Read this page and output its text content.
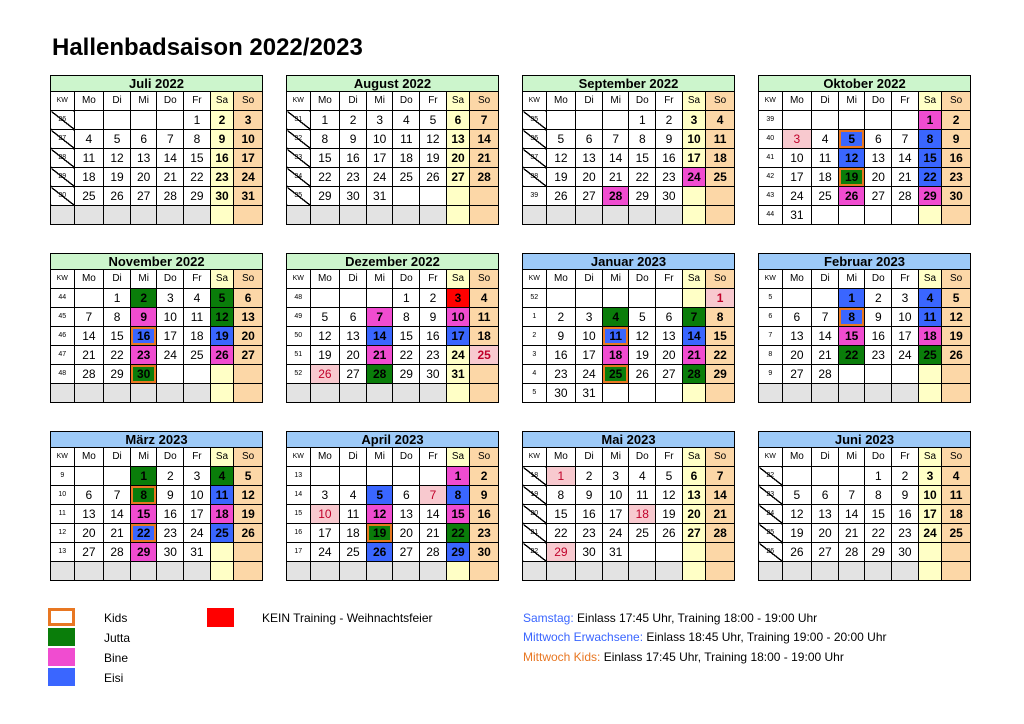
Hallenbadsaison 2022/2023
Juli 2022
KW	Mo	Di	Mi	Do	Fr	Sa	So
26					1	2	3
27	4	5	6	7	8	9	10
28	11	12	13	14	15	16	17
29	18	19	20	21	22	23	24
30	25	26	27	28	29	30	31

August 2022
KW	Mo	Di	Mi	Do	Fr	Sa	So
31	1	2	3	4	5	6	7
32	8	9	10	11	12	13	14
33	15	16	17	18	19	20	21
34	22	23	24	25	26	27	28
35	29	30	31				

September 2022
KW	Mo	Di	Mi	Do	Fr	Sa	So
35				1	2	3	4
36	5	6	7	8	9	10	11
37	12	13	14	15	16	17	18
38	19	20	21	22	23	24	25
39	26	27	28	29	30		

Oktober 2022
KW	Mo	Di	Mi	Do	Fr	Sa	So
39						1	2
40	3	4	5	6	7	8	9
41	10	11	12	13	14	15	16
42	17	18	19	20	21	22	23
43	24	25	26	27	28	29	30
44	31						
November 2022
KW	Mo	Di	Mi	Do	Fr	Sa	So
44		1	2	3	4	5	6
45	7	8	9	10	11	12	13
46	14	15	16	17	18	19	20
47	21	22	23	24	25	26	27
48	28	29	30				

Dezember 2022
KW	Mo	Di	Mi	Do	Fr	Sa	So
48				1	2	3	4
49	5	6	7	8	9	10	11
50	12	13	14	15	16	17	18
51	19	20	21	22	23	24	25
52	26	27	28	29	30	31	

Januar 2023
KW	Mo	Di	Mi	Do	Fr	Sa	So
52							1
1	2	3	4	5	6	7	8
2	9	10	11	12	13	14	15
3	16	17	18	19	20	21	22
4	23	24	25	26	27	28	29
5	30	31					
Februar 2023
KW	Mo	Di	Mi	Do	Fr	Sa	So
5			1	2	3	4	5
6	6	7	8	9	10	11	12
7	13	14	15	16	17	18	19
8	20	21	22	23	24	25	26
9	27	28					

März 2023
KW	Mo	Di	Mi	Do	Fr	Sa	So
9			1	2	3	4	5
10	6	7	8	9	10	11	12
11	13	14	15	16	17	18	19
12	20	21	22	23	24	25	26
13	27	28	29	30	31		

April 2023
KW	Mo	Di	Mi	Do	Fr	Sa	So
13						1	2
14	3	4	5	6	7	8	9
15	10	11	12	13	14	15	16
16	17	18	19	20	21	22	23
17	24	25	26	27	28	29	30

Mai 2023
KW	Mo	Di	Mi	Do	Fr	Sa	So
18	1	2	3	4	5	6	7
19	8	9	10	11	12	13	14
20	15	16	17	18	19	20	21
21	22	23	24	25	26	27	28
22	29	30	31				

Juni 2023
KW	Mo	Di	Mi	Do	Fr	Sa	So
22				1	2	3	4
23	5	6	7	8	9	10	11
24	12	13	14	15	16	17	18
25	19	20	21	22	23	24	25
26	26	27	28	29	30		

Kids
Jutta
Bine
Eisi
KEIN Training - Weihnachtsfeier	Samstag: Einlass 17:45 Uhr, Training 18:00 - 19:00 Uhr
Mittwoch Erwachsene: Einlass 18:45 Uhr, Training 19:00 - 20:00 Uhr
Mittwoch Kids: Einlass 17:45 Uhr, Training 18:00 - 19:00 Uhr
